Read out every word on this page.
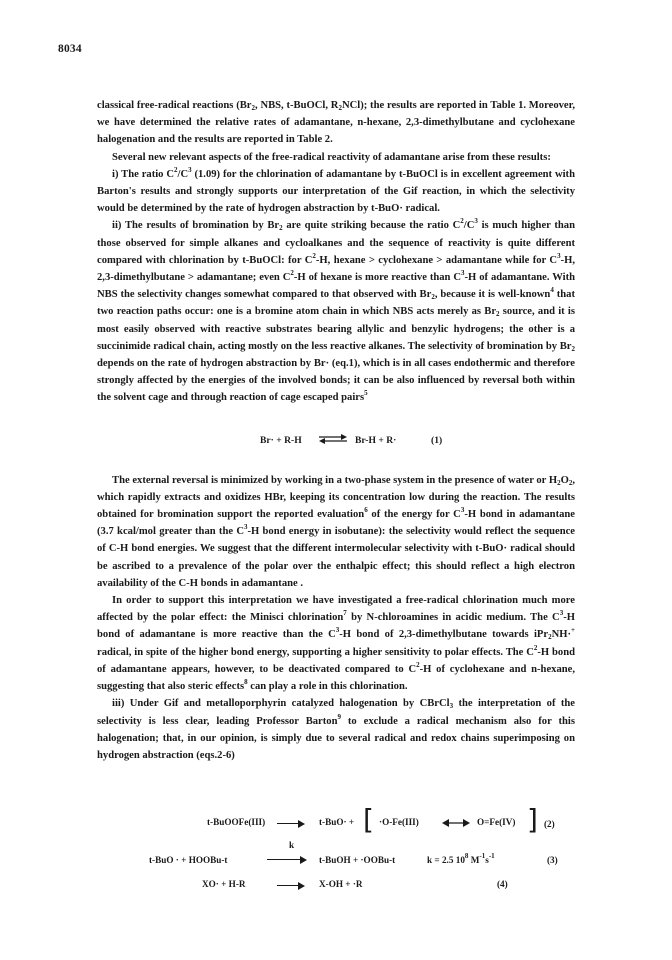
8034

classical free-radical reactions ($Br_2$, NBS, t-BuOCl, $R_2NCl$); the results are reported in Table 1. Moreover, we have determined the relative rates of adamantane, n-hexane, 2,3-dimethylbutane and cyclohexane halogenation and the results are reported in Table 2.

Several new relevant aspects of the free-radical reactivity of adamantane arise from these results:

i) The ratio $C^2/C^3$ (1.09) for the chlorination of adamantane by t-BuOCl is in excellent agreement with Barton's results and strongly supports our interpretation of the Gif reaction, in which the selectivity would be determined by the rate of hydrogen abstraction by t-BuO· radical.

ii) The results of bromination by $Br_2$ are quite striking because the ratio $C^2/C^3$ is much higher than those observed for simple alkanes and cycloalkanes and the sequence of reactivity is quite different compared with chlorination by t-BuOCl: for $C^2-H$, hexane > cyclohexane > adamantane while for $C^3-H$, 2,3-dimethylbutane > adamantane; even $C^2-H$ of hexane is more reactive than $C^3-H$ of adamantane. With NBS the selectivity changes somewhat compared to that observed with $Br_2$, because it is well-known$^4$ that two reaction paths occur: one is a bromine atom chain in which NBS acts merely as $Br_2$ source, and it is most easily observed with reactive substrates bearing allylic and benzylic hydrogens; the other is a succinimide radical chain, acting mostly on the less reactive alkanes. The selectivity of bromination by $Br_2$ depends on the rate of hydrogen abstraction by Br· (eq.1), which is in all cases endothermic and therefore strongly affected by the energies of the involved bonds; it can be also influenced by reversal both within the solvent cage and through reaction of cage escaped pairs$^5$

Br· + R-H ⇌ Br-H + R·	(1)

The external reversal is minimized by working in a two-phase system in the presence of water or $H_2O_2$, which rapidly extracts and oxidizes HBr, keeping its concentration low during the reaction. The results obtained for bromination support the reported evaluation$^6$ of the energy for $C^3-H$ bond in adamantane (3.7 kcal/mol greater than the $C^3-H$ bond energy in isobutane): the selectivity would reflect the sequence of C-H bond energies. We suggest that the different intermolecular selectivity with t-BuO· radical should be ascribed to a prevalence of the polar over the enthalpic effect; this should reflect a high electron availability of the C-H bonds in adamantane .

In order to support this interpretation we have investigated a free-radical chlorination much more affected by the polar effect: the Minisci chlorination$^7$ by N-chloroamines in acidic medium. The $C^3-H$ bond of adamantane is more reactive than the $C^3-H$ bond of 2,3-dimethylbutane towards iPr$_2$NH·+ radical, in spite of the higher bond energy, supporting a higher sensitivity to polar effects. The $C^2-H$ bond of adamantane appears, however, to be deactivated compared to $C^2-H$ of cyclohexane and n-hexane, suggesting that also steric effects$^8$ can play a role in this chlorination.

iii) Under Gif and metalloporphyrin catalyzed halogenation by CBrCl$_3$ the interpretation of the selectivity is less clear, leading Professor Barton$^9$ to exclude a radical mechanism also for this halogenation; that, in our opinion, is simply due to several radical and redox chains superimposing on hydrogen abstraction (eqs.2-6)

t-BuOOFe(III)	t-BuO· + [ ·O-Fe(III)	O=Fe(IV) ] (2)
t-BuO · + HOOBu-t
k
t-BuOH + ·OOBu-t	k = 2.5 $10^8$ $M^{-1}s^{-1}$	(3)
XO· + H-R	X-OH + ·R	(4)
